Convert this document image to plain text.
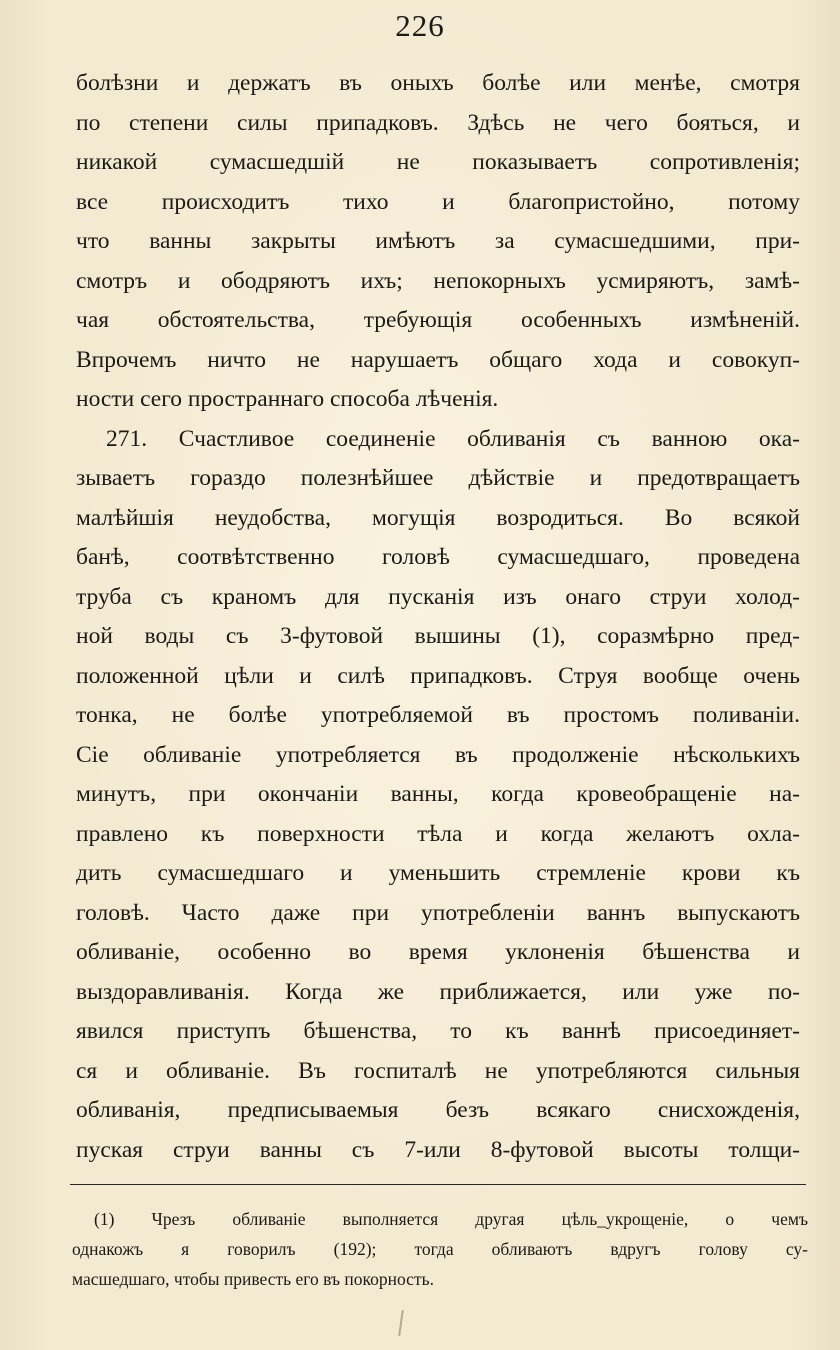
226
болѣзни и держатъ въ оныхъ болѣе или менѣе, смотря
по степени силы припадковъ. Здѣсь не чего бояться, и
никакой сумасшедшій не показываетъ сопротивленія;
все происходитъ тихо и благопристойно, потому
что ванны закрыты имѣютъ за сумасшедшими, при-
смотръ и ободряютъ ихъ; непокорныхъ усмиряютъ, замѣ-
чая обстоятельства, требующія особенныхъ измѣненій.
Впрочемъ ничто не нарушаетъ общаго хода и совокуп-
ности сего пространнаго способа лѣченія.
271. Счастливое соединеніе обливанія съ ванною ока-
зываетъ гораздо полезнѣйшее дѣйствіе и предотвращаетъ
малѣйшія неудобства, могущія возродиться. Во всякой
банѣ, соотвѣтственно головѣ сумасшедшаго, проведена
труба съ краномъ для пусканія изъ онаго струи холод-
ной воды съ 3-футовой вышины (1), соразмѣрно пред-
положенной цѣли и силѣ припадковъ. Струя вообще очень
тонка, не болѣе употребляемой въ простомъ поливаніи.
Сіе обливаніе употребляется въ продолженіе нѣсколькихъ
минутъ, при окончаніи ванны, когда кровеобращеніе на-
правлено къ поверхности тѣла и когда желаютъ охла-
дить сумасшедшаго и уменьшить стремленіе крови къ
головѣ. Часто даже при употребленіи ваннъ выпускаютъ
обливаніе, особенно во время уклоненія бѣшенства и
выздоравливанія. Когда же приближается, или уже по-
явился приступъ бѣшенства, то къ ваннѣ присоединяет-
ся и обливаніе. Въ госпиталѣ не употребляются сильныя
обливанія, предписываемыя безъ всякаго снисхожденія,
пуская струи ванны съ 7-или 8-футовой высоты толщи-
(1) Чрезъ обливаніе выполняется другая цѣль_укрощеніе, о чемъ
однакожъ я говорилъ (192); тогда обливаютъ вдругъ голову су-
масшедшаго, чтобы привесть его въ покорность.
